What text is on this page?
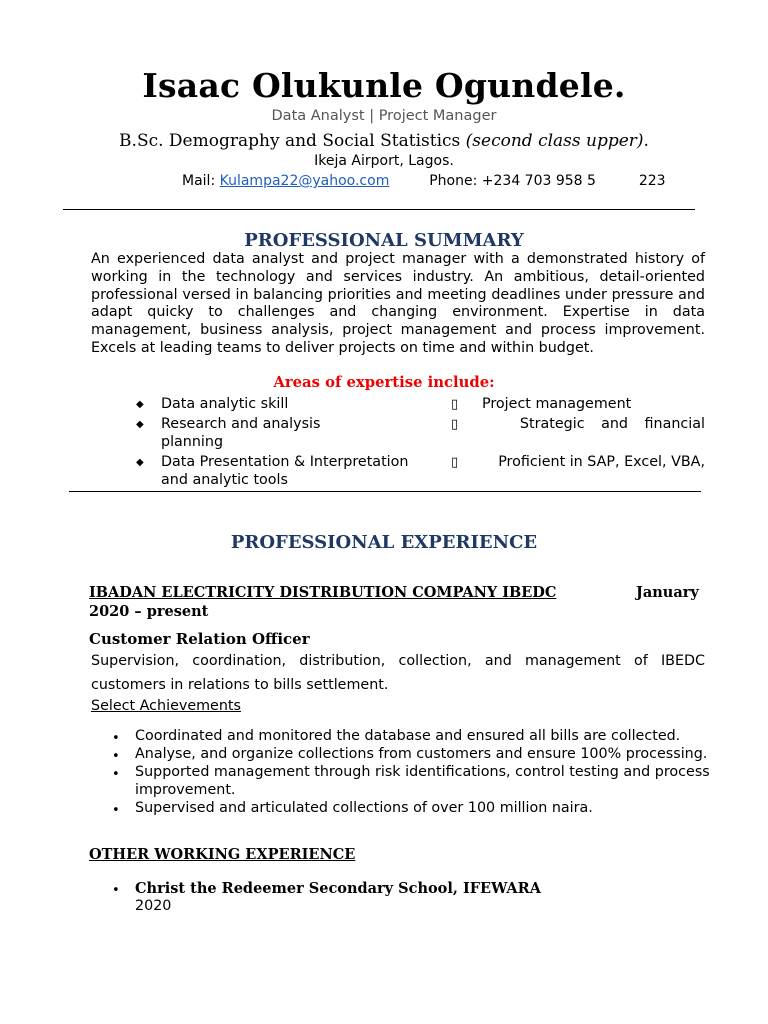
Isaac Olukunle Ogundele.
Data Analyst | Project Manager
B.Sc. Demography and Social Statistics (second class upper).
Ikeja Airport, Lagos.
Mail: Kulampa22@yahoo.com	Phone: +234 703 958 5	223
PROFESSIONAL SUMMARY
An experienced data analyst and project manager with a demonstrated history of working in the technology and services industry. An ambitious, detail-oriented professional versed in balancing priorities and meeting deadlines under pressure and adapt quicky to challenges and changing environment. Expertise in data management, business analysis, project management and process improvement. Excels at leading teams to deliver projects on time and within budget.
Areas of expertise include:
◆ Data analytic skill
◆ Research and analysis planning
◆ Data Presentation & Interpretation and analytic tools
▯ Project management
▯	Strategic and financial
▯	Proficient in SAP, Excel, VBA,
PROFESSIONAL EXPERIENCE
IBADAN ELECTRICITY DISTRIBUTION COMPANY IBEDC	January
2020 – present
Customer Relation Officer
Supervision, coordination, distribution, collection, and management of IBEDC customers in relations to bills settlement.
Select Achievements
• Coordinated and monitored the database and ensured all bills are collected.
• Analyse, and organize collections from customers and ensure 100% processing.
• Supported management through risk identifications, control testing and process improvement.
• Supervised and articulated collections of over 100 million naira.
OTHER WORKING EXPERIENCE
• Christ the Redeemer Secondary School, IFEWARA
2020
